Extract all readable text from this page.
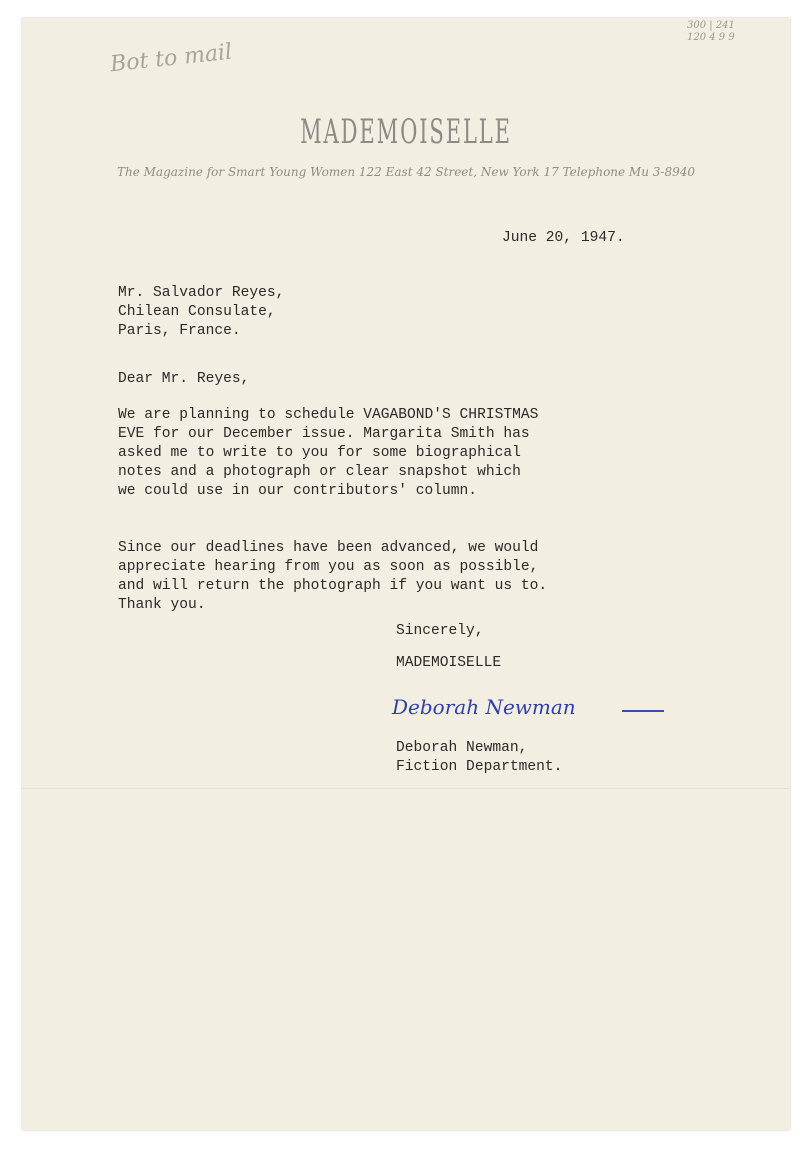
Bot to mail
300 | 241
120 4 9 9
MADEMOISELLE
The Magazine for Smart Young Women 122 East 42 Street, New York 17 Telephone Mu 3-8940
June 20, 1947.
Mr. Salvador Reyes,
Chilean Consulate,
Paris, France.
Dear Mr. Reyes,
We are planning to schedule VAGABOND'S CHRISTMAS
EVE for our December issue. Margarita Smith has
asked me to write to you for some biographical
notes and a photograph or clear snapshot which
we could use in our contributors' column.
Since our deadlines have been advanced, we would
appreciate hearing from you as soon as possible,
and will return the photograph if you want us to.
Thank you.
Sincerely,
MADEMOISELLE
Deborah Newman
Deborah Newman,
Fiction Department.
